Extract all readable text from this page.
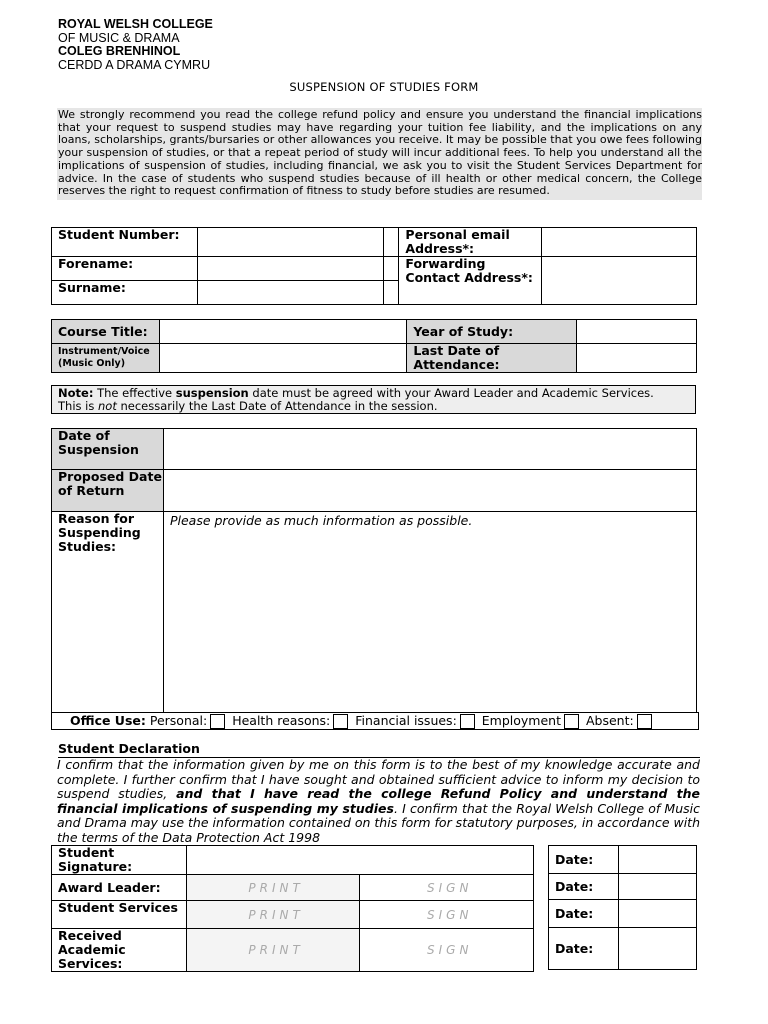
ROYAL WELSH COLLEGE
OF MUSIC & DRAMA
COLEG BRENHINOL
CERDD A DRAMA CYMRU
SUSPENSION OF STUDIES FORM
We strongly recommend you read the college refund policy and ensure you understand the financial implications that your request to suspend studies may have regarding your tuition fee liability, and the implications on any loans, scholarships, grants/bursaries or other allowances you receive. It may be possible that you owe fees following your suspension of studies, or that a repeat period of study will incur additional fees. To help you understand all the implications of suspension of studies, including financial, we ask you to visit the Student Services Department for advice. In the case of students who suspend studies because of ill health or other medical concern, the College reserves the right to request confirmation of fitness to study before studies are resumed.
Student Number:			Personal email Address*:	
Forename:			Forwarding Contact Address*:	
Surname:				
Course Title:		Year of Study:	
Instrument/Voice (Music Only)		Last Date of Attendance:	
Note: The effective suspension date must be agreed with your Award Leader and Academic Services.
This is not necessarily the Last Date of Attendance in the session.
Date of Suspension	
Proposed Date of Return	
Reason for Suspending Studies:	Please provide as much information as possible.
Office Use: Personal: Health reasons: Financial issues: Employment Absent:
Student Declaration
I confirm that the information given by me on this form is to the best of my knowledge accurate and complete. I further confirm that I have sought and obtained sufficient advice to inform my decision to suspend studies, and that I have read the college Refund Policy and understand the financial implications of suspending my studies. I confirm that the Royal Welsh College of Music and Drama may use the information contained on this form for statutory purposes, in accordance with the terms of the Data Protection Act 1998
Student Signature:		
Award Leader:	PRINT	SIGN
Student Services	PRINT	SIGN
Received Academic Services:	PRINT	SIGN
Date:	
Date:	
Date:	
Date:	
